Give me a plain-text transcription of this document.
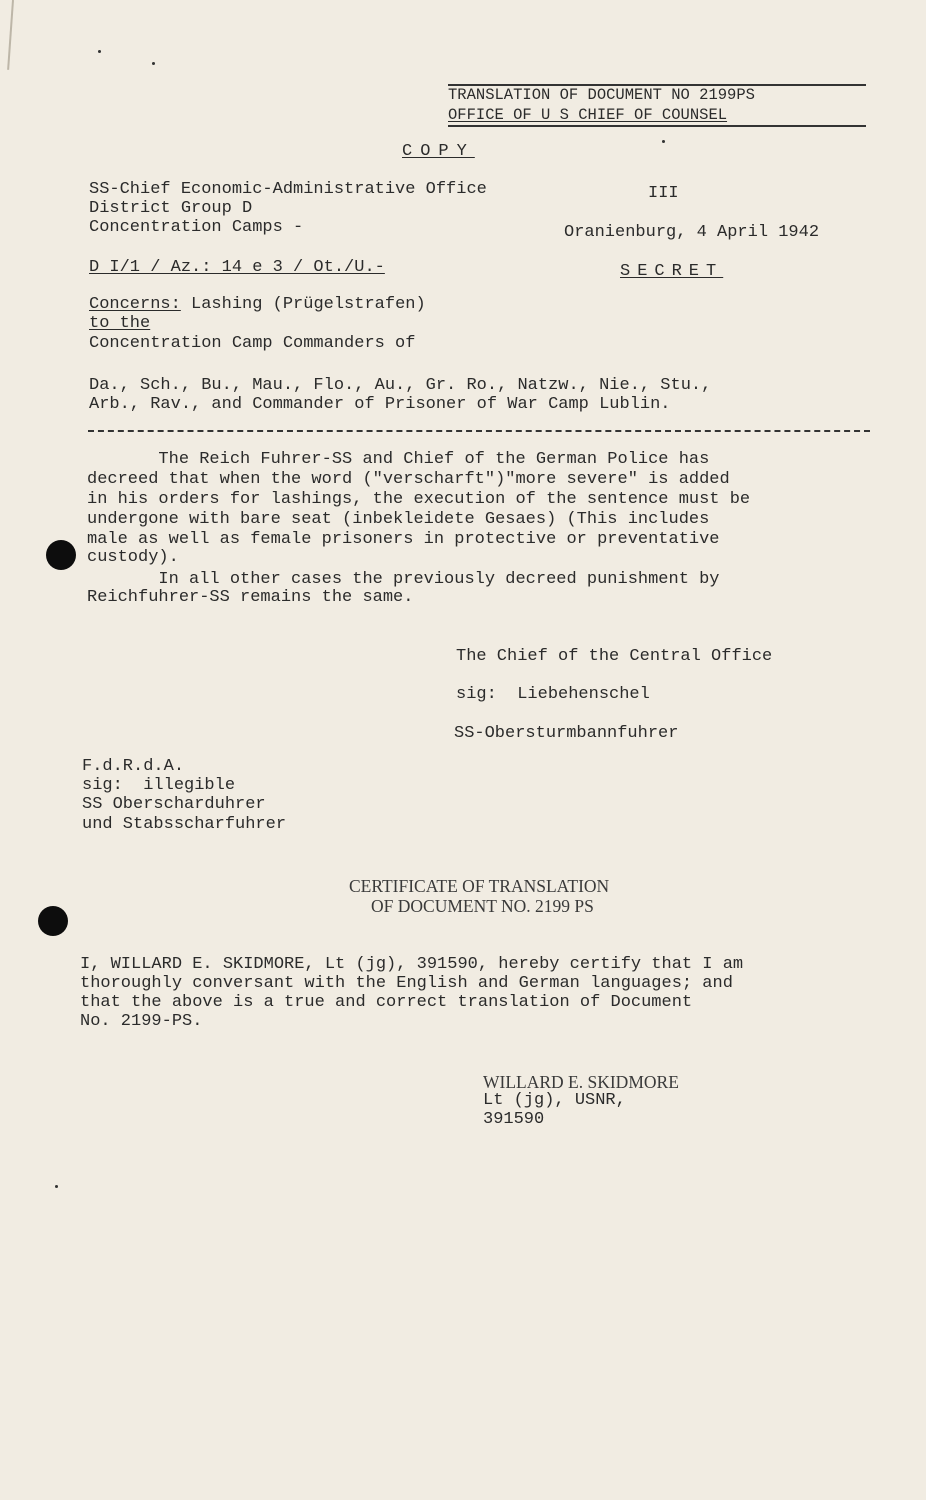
TRANSLATION OF DOCUMENT NO 2199PS
OFFICE OF U S CHIEF OF COUNSEL
COPY
SS-Chief Economic-Administrative Office
District Group D
Concentration Camps -
III
Oranienburg, 4 April 1942
D I/1 / Az.: 14 e 3 / Ot./U.-	SECRET
Concerns: Lashing (Prügelstrafen)
to the
Concentration Camp Commanders of
Da., Sch., Bu., Mau., Flo., Au., Gr. Ro., Natzw., Nie., Stu.,
Arb., Rav., and Commander of Prisoner of War Camp Lublin.
The Reich Fuhrer-SS and Chief of the German Police has
decreed that when the word ("verscharft")"more severe" is added
in his orders for lashings, the execution of the sentence must be
undergone with bare seat (inbekleidete Gesaes) (This includes
male as well as female prisoners in protective or preventative
custody).
In all other cases the previously decreed punishment by
Reichfuhrer-SS remains the same.
The Chief of the Central Office
sig:  Liebehenschel
SS-Obersturmbannfuhrer
F.d.R.d.A.
sig:  illegible
SS Oberscharduhrer
und Stabsscharfuhrer
CERTIFICATE OF TRANSLATION
OF DOCUMENT NO. 2199 PS
I, WILLARD E. SKIDMORE, Lt (jg), 391590, hereby certify that I am
thoroughly conversant with the English and German languages; and
that the above is a true and correct translation of Document
No. 2199-PS.
WILLARD E. SKIDMORE
Lt (jg), USNR,
391590
